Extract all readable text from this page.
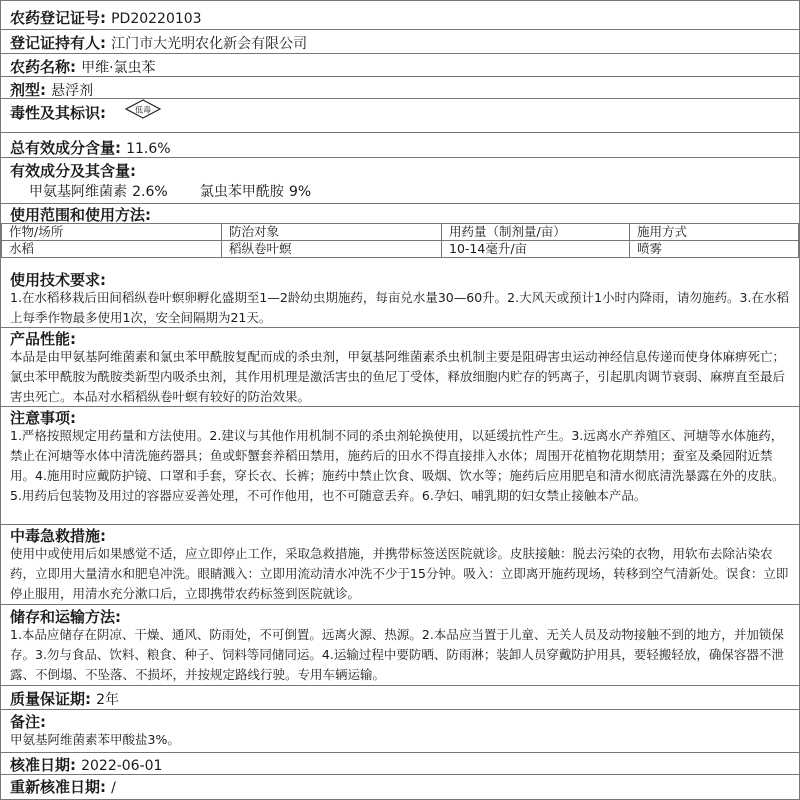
农药登记证号: PD20220103
登记证持有人: 江门市大光明农化新会有限公司
农药名称: 甲维·氯虫苯
剂型: 悬浮剂
毒性及其标识:	低毒
总有效成分含量: 11.6%
有效成分及其含量:
甲氨基阿维菌素 2.6% 氯虫苯甲酰胺 9%
使用范围和使用方法:
作物/场所	防治对象	用药量（制剂量/亩）	施用方式
水稻	稻纵卷叶螟	10-14毫升/亩	喷雾
使用技术要求:
1.在水稻移栽后田间稻纵卷叶螟卵孵化盛期至1—2龄幼虫期施药，每亩兑水量30—60升。2.大风天或预计1小时内降雨，请勿施药。3.在水稻上每季作物最多使用1次，安全间隔期为21天。
产品性能:
本品是由甲氨基阿维菌素和氯虫苯甲酰胺复配而成的杀虫剂，甲氨基阿维菌素杀虫机制主要是阻碍害虫运动神经信息传递而使身体麻痹死亡；氯虫苯甲酰胺为酰胺类新型内吸杀虫剂，其作用机理是激活害虫的鱼尼丁受体，释放细胞内贮存的钙离子，引起肌肉调节衰弱、麻痹直至最后害虫死亡。本品对水稻稻纵卷叶螟有较好的防治效果。
注意事项:
1.严格按照规定用药量和方法使用。2.建议与其他作用机制不同的杀虫剂轮换使用，以延缓抗性产生。3.远离水产养殖区、河塘等水体施药，禁止在河塘等水体中清洗施药器具；鱼或虾蟹套养稻田禁用，施药后的田水不得直接排入水体；周围开花植物花期禁用；蚕室及桑园附近禁用。4.施用时应戴防护镜、口罩和手套，穿长衣、长裤；施药中禁止饮食、吸烟、饮水等；施药后应用肥皂和清水彻底清洗暴露在外的皮肤。5.用药后包装物及用过的容器应妥善处理，不可作他用，也不可随意丢弃。6.孕妇、哺乳期的妇女禁止接触本产品。
中毒急救措施:
使用中或使用后如果感觉不适，应立即停止工作，采取急救措施，并携带标签送医院就诊。皮肤接触：脱去污染的衣物，用软布去除沾染农药，立即用大量清水和肥皂冲洗。眼睛溅入：立即用流动清水冲洗不少于15分钟。吸入：立即离开施药现场，转移到空气清新处。误食：立即停止服用，用清水充分漱口后，立即携带农药标签到医院就诊。
储存和运输方法:
1.本品应储存在阴凉、干燥、通风、防雨处，不可倒置。远离火源、热源。2.本品应当置于儿童、无关人员及动物接触不到的地方，并加锁保存。3.勿与食品、饮料、粮食、种子、饲料等同储同运。4.运输过程中要防晒、防雨淋；装卸人员穿戴防护用具，要轻搬轻放，确保容器不泄露、不倒塌、不坠落、不损坏，并按规定路线行驶。专用车辆运输。
质量保证期: 2年
备注:
甲氨基阿维菌素苯甲酸盐3%。
核准日期: 2022-06-01
重新核准日期: /
